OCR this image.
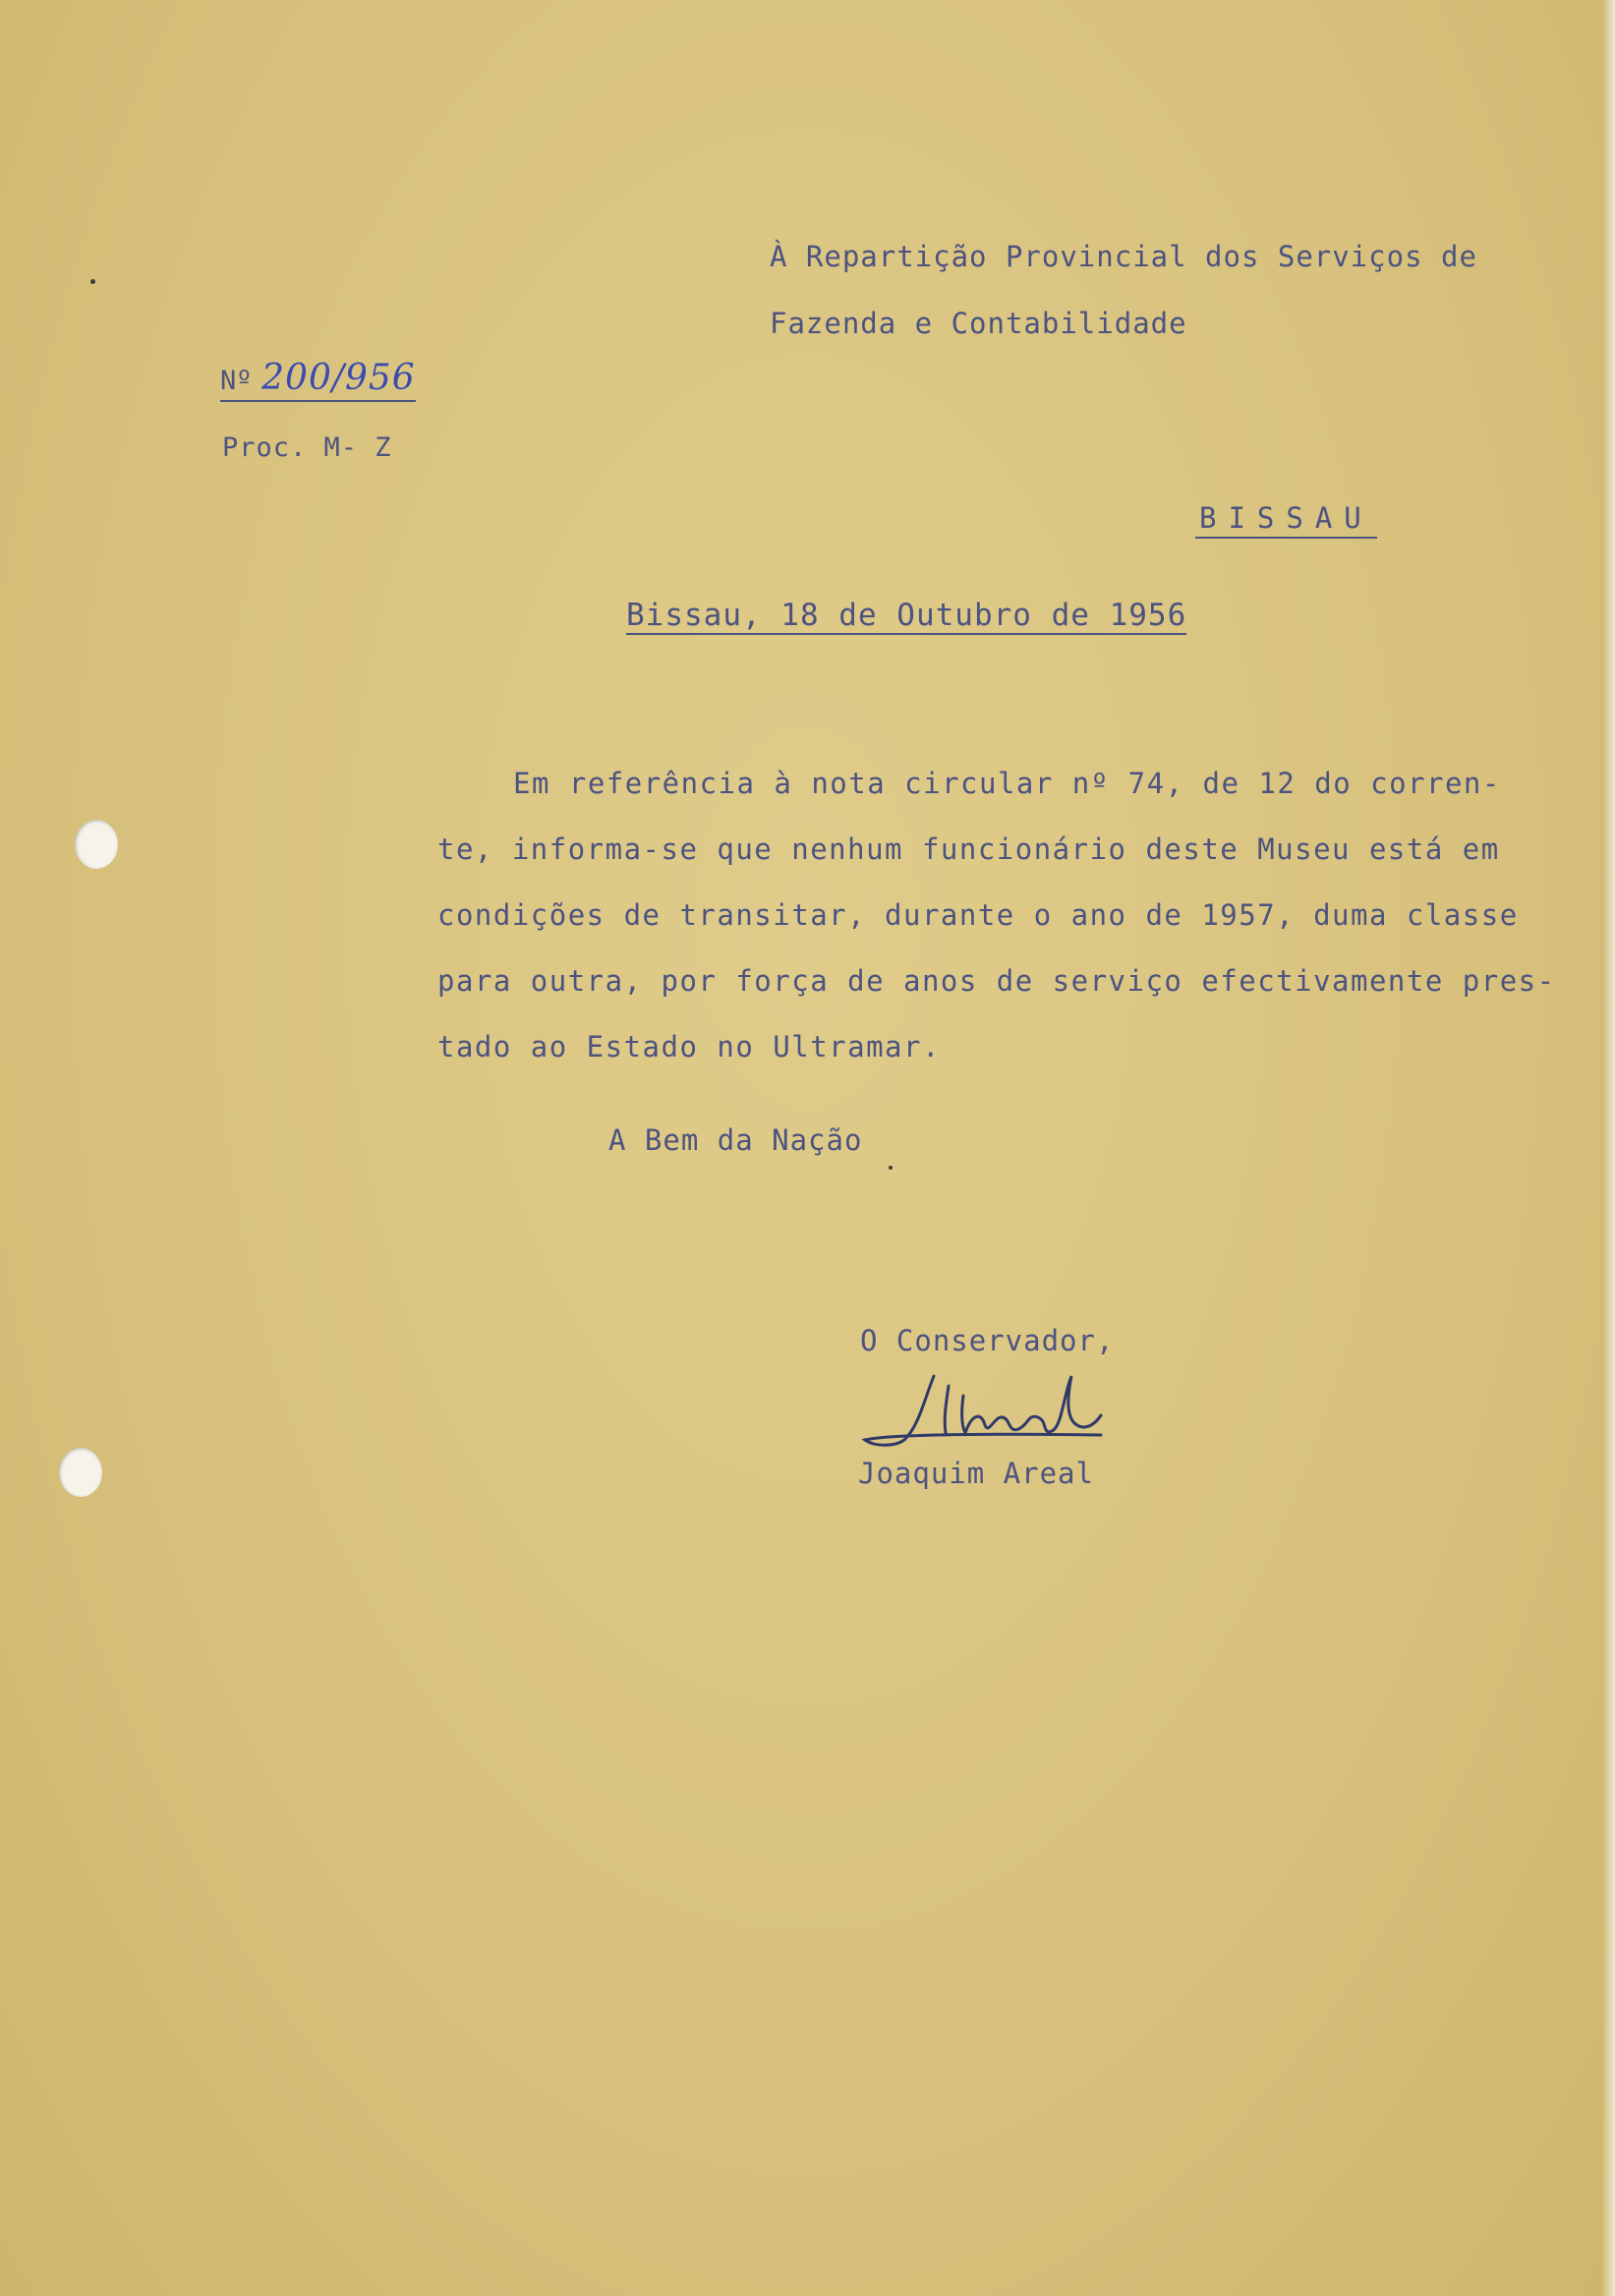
À Repartição Provincial dos Serviços de
Fazenda e Contabilidade
Nº 200/956
Proc. M- Z
BISSAU
Bissau, 18 de Outubro de 1956
Em referência à nota circular nº 74, de 12 do corren-
te, informa-se que nenhum funcionário deste Museu está em
condições de transitar, durante o ano de 1957, duma classe
para outra, por força de anos de serviço efectivamente pres-
tado ao Estado no Ultramar.
A Bem da Nação
O Conservador,
Joaquim Areal
